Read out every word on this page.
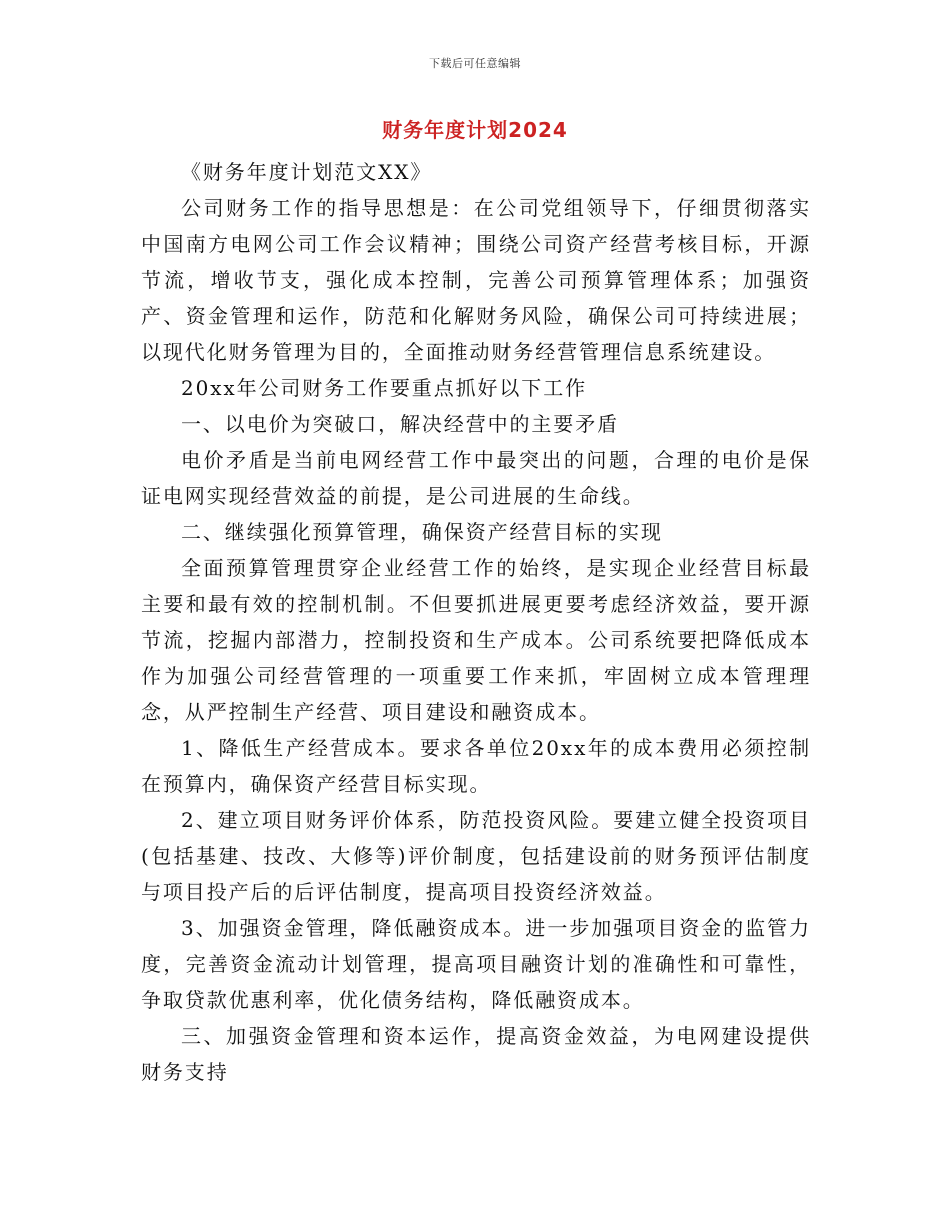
下载后可任意编辑
财务年度计划2024

《财务年度计划范文XX》

公司财务工作的指导思想是：在公司党组领导下，仔细贯彻落实中国南方电网公司工作会议精神；围绕公司资产经营考核目标，开源节流，增收节支，强化成本控制，完善公司预算管理体系；加强资产、资金管理和运作，防范和化解财务风险，确保公司可持续进展；以现代化财务管理为目的，全面推动财务经营管理信息系统建设。

20xx年公司财务工作要重点抓好以下工作

一、以电价为突破口，解决经营中的主要矛盾

电价矛盾是当前电网经营工作中最突出的问题，合理的电价是保证电网实现经营效益的前提，是公司进展的生命线。

二、继续强化预算管理，确保资产经营目标的实现

全面预算管理贯穿企业经营工作的始终，是实现企业经营目标最主要和最有效的控制机制。不但要抓进展更要考虑经济效益，要开源节流，挖掘内部潜力，控制投资和生产成本。公司系统要把降低成本作为加强公司经营管理的一项重要工作来抓，牢固树立成本管理理念，从严控制生产经营、项目建设和融资成本。

1、降低生产经营成本。要求各单位20xx年的成本费用必须控制在预算内，确保资产经营目标实现。

2、建立项目财务评价体系，防范投资风险。要建立健全投资项目(包括基建、技改、大修等)评价制度，包括建设前的财务预评估制度与项目投产后的后评估制度，提高项目投资经济效益。

3、加强资金管理，降低融资成本。进一步加强项目资金的监管力度，完善资金流动计划管理，提高项目融资计划的准确性和可靠性，争取贷款优惠利率，优化债务结构，降低融资成本。

三、加强资金管理和资本运作，提高资金效益，为电网建设提供财务支持
